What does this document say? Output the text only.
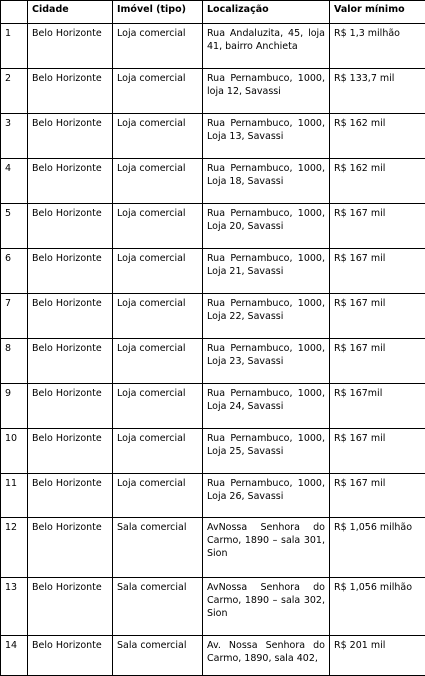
	Cidade	Imóvel (tipo)	Localização	Valor mínimo
1	Belo Horizonte	Loja comercial	Rua Andaluzita, 45, loja 41, bairro Anchieta	R$ 1,3 milhão
2	Belo Horizonte	Loja comercial	Rua Pernambuco, 1000, loja 12, Savassi	R$ 133,7 mil
3	Belo Horizonte	Loja comercial	Rua Pernambuco, 1000, Loja 13, Savassi	R$ 162 mil
4	Belo Horizonte	Loja comercial	Rua Pernambuco, 1000, Loja 18, Savassi	R$ 162 mil
5	Belo Horizonte	Loja comercial	Rua Pernambuco, 1000, Loja 20, Savassi	R$ 167 mil
6	Belo Horizonte	Loja comercial	Rua Pernambuco, 1000, Loja 21, Savassi	R$ 167 mil
7	Belo Horizonte	Loja comercial	Rua Pernambuco, 1000, Loja 22, Savassi	R$ 167 mil
8	Belo Horizonte	Loja comercial	Rua Pernambuco, 1000, Loja 23, Savassi	R$ 167 mil
9	Belo Horizonte	Loja comercial	Rua Pernambuco, 1000, Loja 24, Savassi	R$ 167mil
10	Belo Horizonte	Loja comercial	Rua Pernambuco, 1000, Loja 25, Savassi	R$ 167 mil
11	Belo Horizonte	Loja comercial	Rua Pernambuco, 1000, Loja 26, Savassi	R$ 167 mil
12	Belo Horizonte	Sala comercial	AvNossa Senhora do Carmo, 1890 – sala 301, Sion	R$ 1,056 milhão
13	Belo Horizonte	Sala comercial	AvNossa Senhora do Carmo, 1890 – sala 302, Sion	R$ 1,056 milhão
14	Belo Horizonte	Sala comercial	Av. Nossa Senhora do Carmo, 1890, sala 402,	R$ 201 mil
